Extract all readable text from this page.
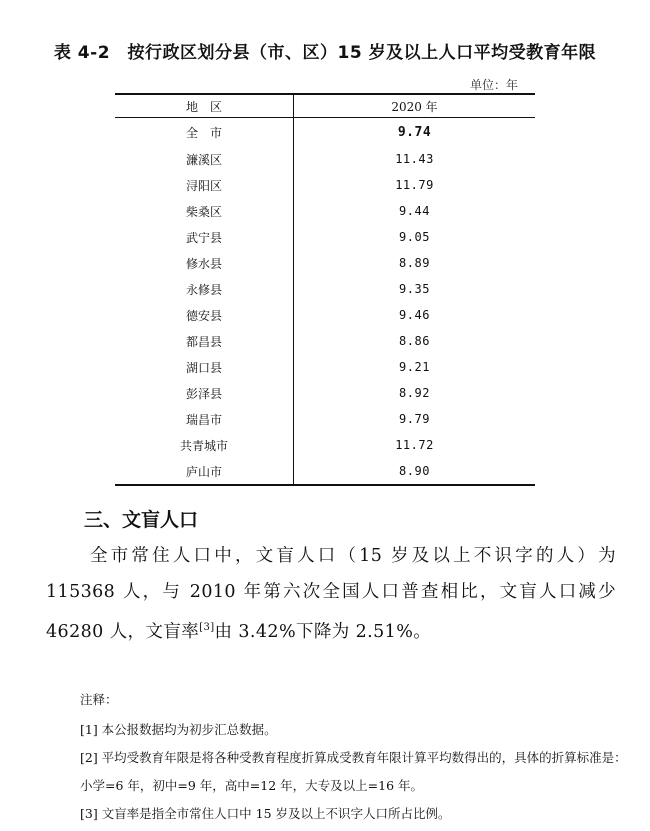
表 4-2　按行政区划分县（市、区）15 岁及以上人口平均受教育年限
单位：年
地　区	2020 年
全　市	9.74
濂溪区	11.43
浔阳区	11.79
柴桑区	9.44
武宁县	9.05
修水县	8.89
永修县	9.35
德安县	9.46
都昌县	8.86
湖口县	9.21
彭泽县	8.92
瑞昌市	9.79
共青城市	11.72
庐山市	8.90
三、文盲人口
全市常住人口中，文盲人口（15 岁及以上不识字的人）为 115368 人，与 2010 年第六次全国人口普查相比，文盲人口减少 46280 人，文盲率[3]由 3.42%下降为 2.51%。
注释：
[1] 本公报数据均为初步汇总数据。
[2] 平均受教育年限是将各种受教育程度折算成受教育年限计算平均数得出的，具体的折算标准是：小学=6 年，初中=9 年，高中=12 年，大专及以上=16 年。
[3] 文盲率是指全市常住人口中 15 岁及以上不识字人口所占比例。
